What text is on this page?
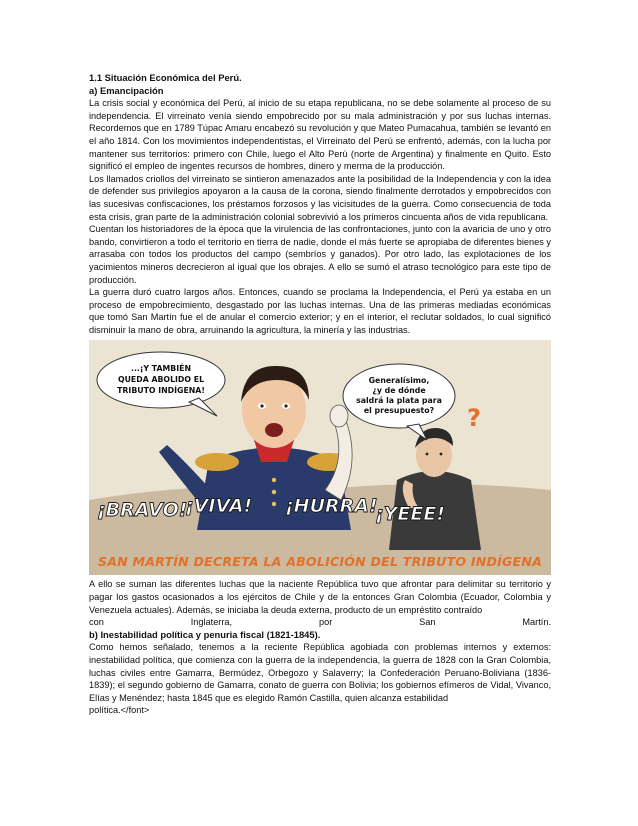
1.1 Situación Económica del Perú.

a) Emancipación

La crisis social y económica del Perú, al inicio de su etapa republicana, no se debe solamente al proceso de su independencia. El virreinato venía siendo empobrecido por su mala administración y por sus luchas internas. Recordemos que en 1789 Túpac Amaru encabezó su revolución y que Mateo Pumacahua, también se levantó en el año 1814. Con los movimientos independentistas, el Virreinato del Perú se enfrentó, además, con la lucha por mantener sus territorios: primero con Chile, luego el Alto Perú (norte de Argentina) y finalmente en Quito. Esto significó el empleo de ingentes recursos de hombres, dinero y merma de la producción.

Los llamados criollos del virreinato se sintieron amenazados ante la posibilidad de la Independencia y con la idea de defender sus privilegios apoyaron a la causa de la corona, siendo finalmente derrotados y empobrecidos con las sucesivas confiscaciones, los préstamos forzosos y las vicisitudes de la guerra. Como consecuencia de toda esta crisis, gran parte de la administración colonial sobrevivió a los primeros cincuenta años de vida republicana.

Cuentan los historiadores de la época que la virulencia de las confrontaciones, junto con la avaricia de uno y otro bando, convirtieron a todo el territorio en tierra de nadie, donde el más fuerte se apropiaba de diferentes bienes y arrasaba con todos los productos del campo (sembríos y ganados). Por otro lado, las explotaciones de los yacimientos mineros decrecieron al igual que los obrajes. A ello se sumó el atraso tecnológico para este tipo de producción.

La guerra duró cuatro largos años. Entonces, cuando se proclama la Independencia, el Perú ya estaba en un proceso de empobrecimiento, desgastado por las luchas internas. Una de las primeras mediadas económicas que tomó San Martín fue el de anular el comercio exterior; y en el interior, el reclutar soldados, lo cual significó disminuir la mano de obra, arruinando la agricultura, la minería y las industrias.

...¡Y TAMBIÉN
QUEDA ABOLIDO EL
TRIBUTO INDÍGENA!
Generalísimo,
¿y de dónde
saldrá la plata para
el presupuesto? ?
¡BRAVO!
¡VIVA! ¡HURRA!
¡YEEE!
SAN MARTÍN DECRETA LA ABOLICIÓN DEL TRIBUTO INDÍGENA

A ello se suman las diferentes luchas que la naciente República tuvo que afrontar para delimitar su territorio y pagar los gastos ocasionados a los ejércitos de Chile y de la entonces Gran Colombia (Ecuador, Colombia y Venezuela actuales). Además, se iniciaba la deuda externa, producto de un empréstito contraído

con Inglaterra, por San Martín.

b) Inestabilidad política y penuria fiscal (1821-1845).

Como hemos señalado, tenemos a la reciente República agobiada con problemas internos y externos: inestabilidad política, que comienza con la guerra de la independencia, la guerra de 1828 con la Gran Colombia, luchas civiles entre Gamarra, Bermúdez, Orbegozo y Salaverry; la Confederación Peruano-Boliviana (1836-1839); el segundo gobierno de Gamarra, conato de guerra con Bolivia; los gobiernos efímeros de Vidal, Vivanco, Elías y Menéndez; hasta 1845 que es elegido Ramón Castilla, quien alcanza estabilidad

política.</font>
